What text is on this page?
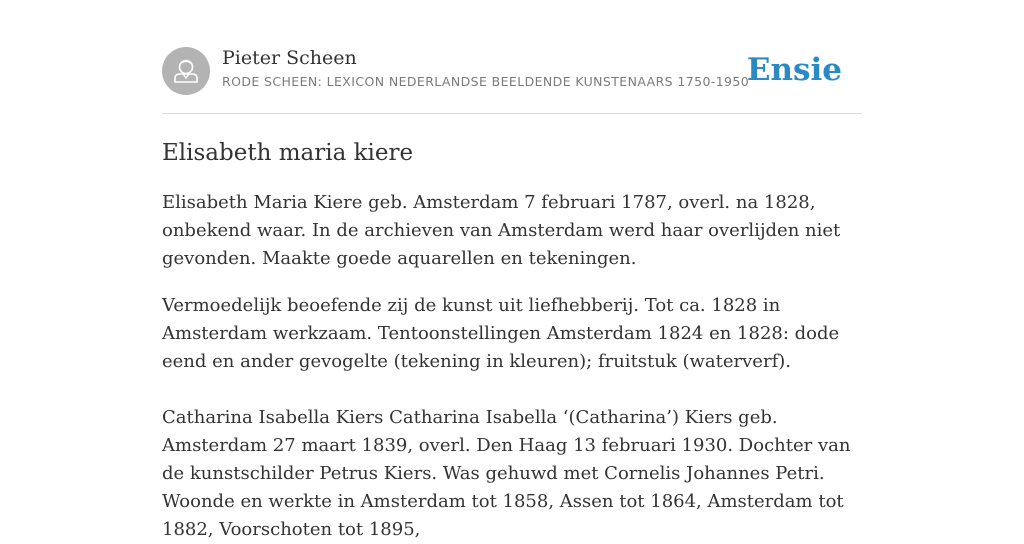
Pieter Scheen
RODE SCHEEN: LEXICON NEDERLANDSE BEELDENDE KUNSTENAARS 1750-1950
Ensie
Elisabeth maria kiere

Elisabeth Maria Kiere geb. Amsterdam 7 februari 1787, overl. na 1828, onbekend waar. In de archieven van Amsterdam werd haar overlijden niet gevonden. Maakte goede aquarellen en tekeningen.

Vermoedelijk beoefende zij de kunst uit liefhebberij. Tot ca. 1828 in Amsterdam werkzaam. Tentoonstellingen Amsterdam 1824 en 1828: dode eend en ander gevogelte (tekening in kleuren); fruitstuk (waterverf).

Catharina Isabella Kiers Catharina Isabella ‘(Catharina’) Kiers geb. Amsterdam 27 maart 1839, overl. Den Haag 13 februari 1930. Dochter van de kunstschilder Petrus Kiers. Was gehuwd met Cornelis Johannes Petri. Woonde en werkte in Amsterdam tot 1858, Assen tot 1864, Amsterdam tot 1882, Voorschoten tot 1895,
